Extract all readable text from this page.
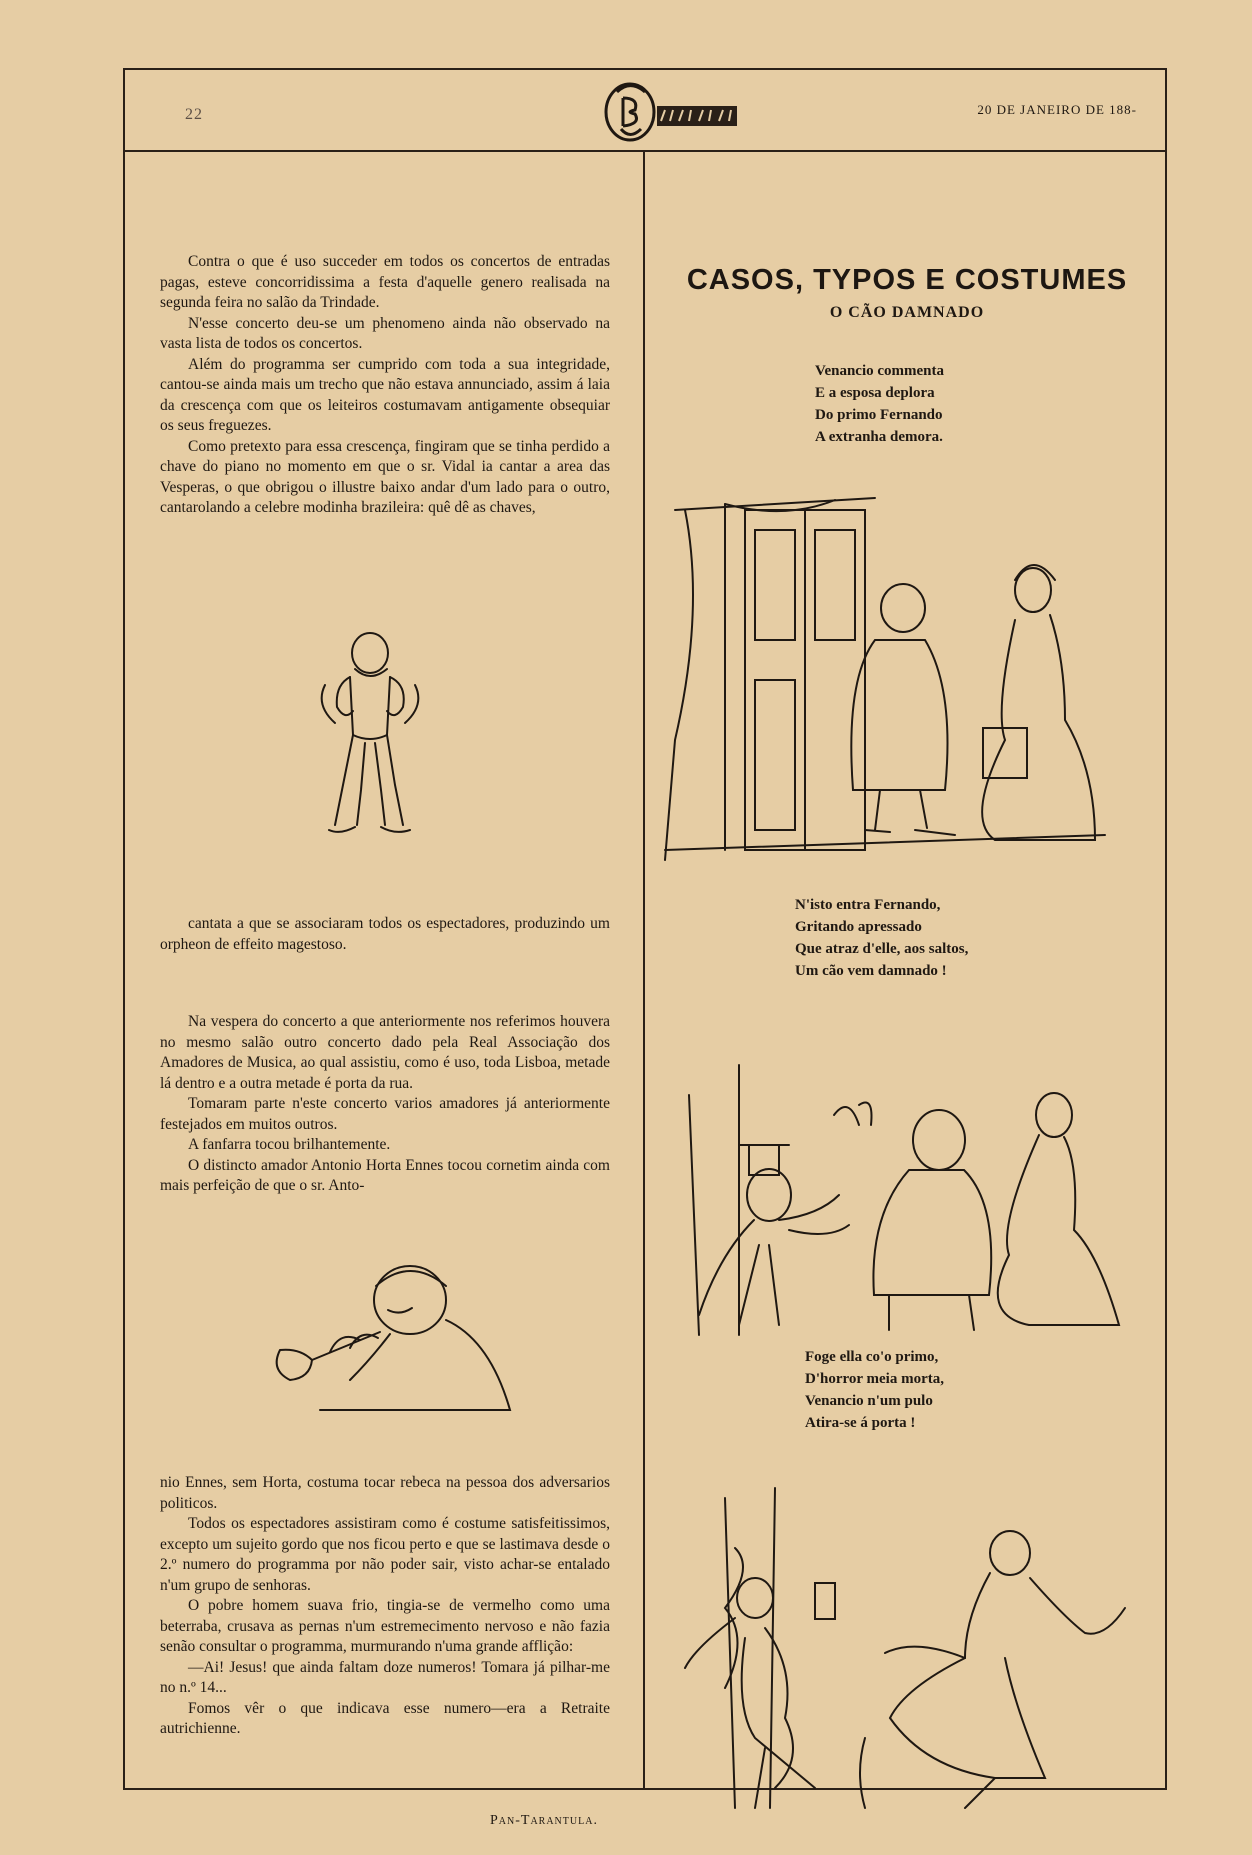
22	20 DE JANEIRO DE 188-

Contra o que é uso succeder em todos os concertos de entradas pagas, esteve concorridissima a festa d'aquelle genero realisada na segunda feira no salão da Trindade.

N'esse concerto deu-se um phenomeno ainda não observado na vasta lista de todos os concertos.

Além do programma ser cumprido com toda a sua integridade, cantou-se ainda mais um trecho que não estava annunciado, assim á laia da crescença com que os leiteiros costumavam antigamente obsequiar os seus freguezes.

Como pretexto para essa crescença, fingiram que se tinha perdido a chave do piano no momento em que o sr. Vidal ia cantar a area das Vesperas, o que obrigou o illustre baixo andar d'um lado para o outro, cantarolando a celebre modinha brazileira: quê dê as chaves,

cantata a que se associaram todos os espectadores, produzindo um orpheon de effeito magestoso.

Na vespera do concerto a que anteriormente nos referimos houvera no mesmo salão outro concerto dado pela Real Associação dos Amadores de Musica, ao qual assistiu, como é uso, toda Lisboa, metade lá dentro e a outra metade é porta da rua.

Tomaram parte n'este concerto varios amadores já anteriormente festejados em muitos outros.

A fanfarra tocou brilhantemente.

O distincto amador Antonio Horta Ennes tocou cornetim ainda com mais perfeição de que o sr. Anto-

nio Ennes, sem Horta, costuma tocar rebeca na pessoa dos adversarios politicos.

Todos os espectadores assistiram como é costume satisfeitissimos, excepto um sujeito gordo que nos ficou perto e que se lastimava desde o 2.º numero do programma por não poder sair, visto achar-se entalado n'um grupo de senhoras.

O pobre homem suava frio, tingia-se de vermelho como uma beterraba, crusava as pernas n'um estremecimento nervoso e não fazia senão consultar o programma, murmurando n'uma grande afflição:

—Ai! Jesus! que ainda faltam doze numeros! Tomara já pilhar-me no n.º 14...

Fomos vêr o que indicava esse numero—era a Retraite autrichienne.

Pan-Tarantula.
CASOS, TYPOS E COSTUMES
O CÃO DAMNADO
Venancio commenta
E a esposa deplora
Do primo Fernando
A extranha demora.
N'isto entra Fernando,
Gritando apressado
Que atraz d'elle, aos saltos,
Um cão vem damnado !
Foge ella co'o primo,
D'horror meia morta,
Venancio n'um pulo
Atira-se á porta !
